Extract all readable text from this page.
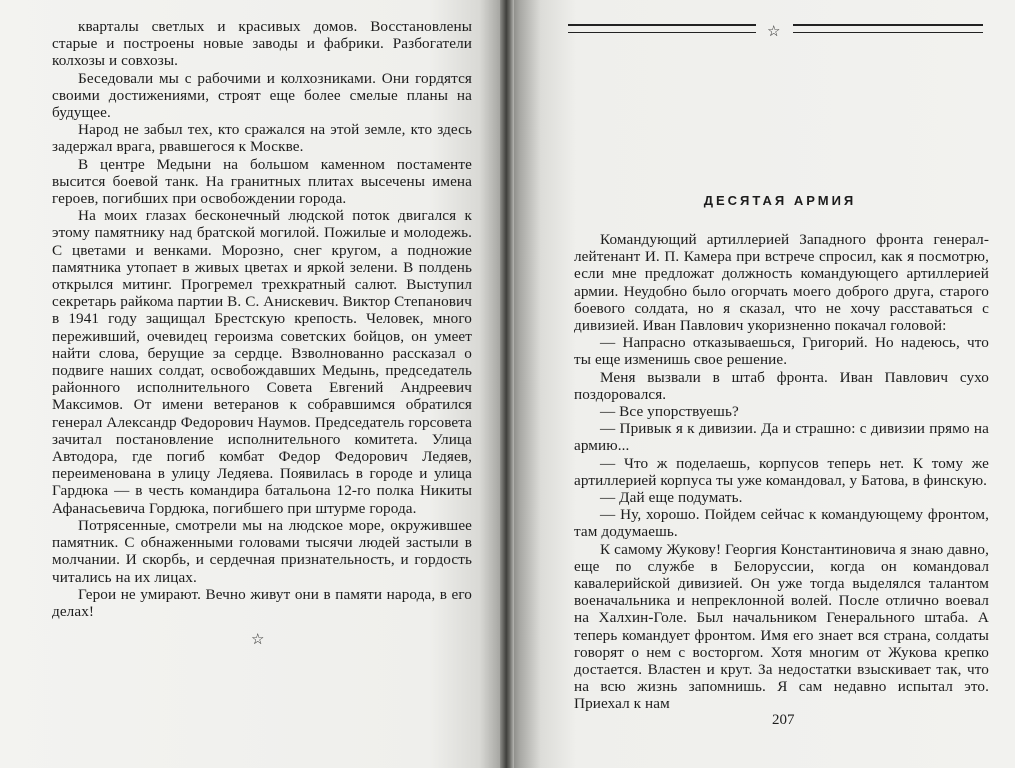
кварталы светлых и красивых домов. Восстановлены старые и построены новые заводы и фабрики. Разбогатели колхозы и совхозы.

Беседовали мы с рабочими и колхозниками. Они гордятся своими достижениями, строят еще более смелые планы на будущее.

Народ не забыл тех, кто сражался на этой земле, кто здесь задержал врага, рвавшегося к Москве.

В центре Медыни на большом каменном постаменте высится боевой танк. На гранитных плитах высечены имена героев, погибших при освобождении города.

На моих глазах бесконечный людской поток двигался к этому памятнику над братской могилой. Пожилые и молодежь. С цветами и венками. Морозно, снег кругом, а подножие памятника утопает в живых цветах и яркой зелени. В полдень открылся митинг. Прогремел трехкратный салют. Выступил секретарь райкома партии В. С. Анискевич. Виктор Степанович в 1941 году защищал Брестскую крепость. Человек, много переживший, очевидец героизма советских бойцов, он умеет найти слова, берущие за сердце. Взволнованно рассказал о подвиге наших солдат, освобождавших Медынь, председатель районного исполнительного Совета Евгений Андреевич Максимов. От имени ветеранов к собравшимся обратился генерал Александр Федорович Наумов. Председатель горсовета зачитал постановление исполнительного комитета. Улица Автодора, где погиб комбат Федор Федорович Ледяев, переименована в улицу Ледяева. Появилась в городе и улица Гардюка — в честь командира батальона 12-го полка Никиты Афанасьевича Гордюка, погибшего при штурме города.

Потрясенные, смотрели мы на людское море, окружившее памятник. С обнаженными головами тысячи людей застыли в молчании. И скорбь, и сердечная признательность, и гордость читались на их лицах.

Герои не умирают. Вечно живут они в памяти народа, в его делах!

☆
☆
ДЕСЯТАЯ АРМИЯ

Командующий артиллерией Западного фронта генерал-лейтенант И. П. Камера при встрече спросил, как я посмотрю, если мне предложат должность командующего артиллерией армии. Неудобно было огорчать моего доброго друга, старого боевого солдата, но я сказал, что не хочу расставаться с дивизией. Иван Павлович укоризненно покачал головой:

— Напрасно отказываешься, Григорий. Но надеюсь, что ты еще изменишь свое решение.

Меня вызвали в штаб фронта. Иван Павлович сухо поздоровался.

— Все упорствуешь?

— Привык я к дивизии. Да и страшно: с дивизии прямо на армию...

— Что ж поделаешь, корпусов теперь нет. К тому же артиллерией корпуса ты уже командовал, у Батова, в финскую.

— Дай еще подумать.

— Ну, хорошо. Пойдем сейчас к командующему фронтом, там додумаешь.

К самому Жукову! Георгия Константиновича я знаю давно, еще по службе в Белоруссии, когда он командовал кавалерийской дивизией. Он уже тогда выделялся талантом военачальника и непреклонной волей. После отлично воевал на Халхин-Голе. Был начальником Генерального штаба. А теперь командует фронтом. Имя его знает вся страна, солдаты говорят о нем с восторгом. Хотя многим от Жукова крепко достается. Властен и крут. За недостатки взыскивает так, что на всю жизнь запомнишь. Я сам недавно испытал это. Приехал к нам

207
